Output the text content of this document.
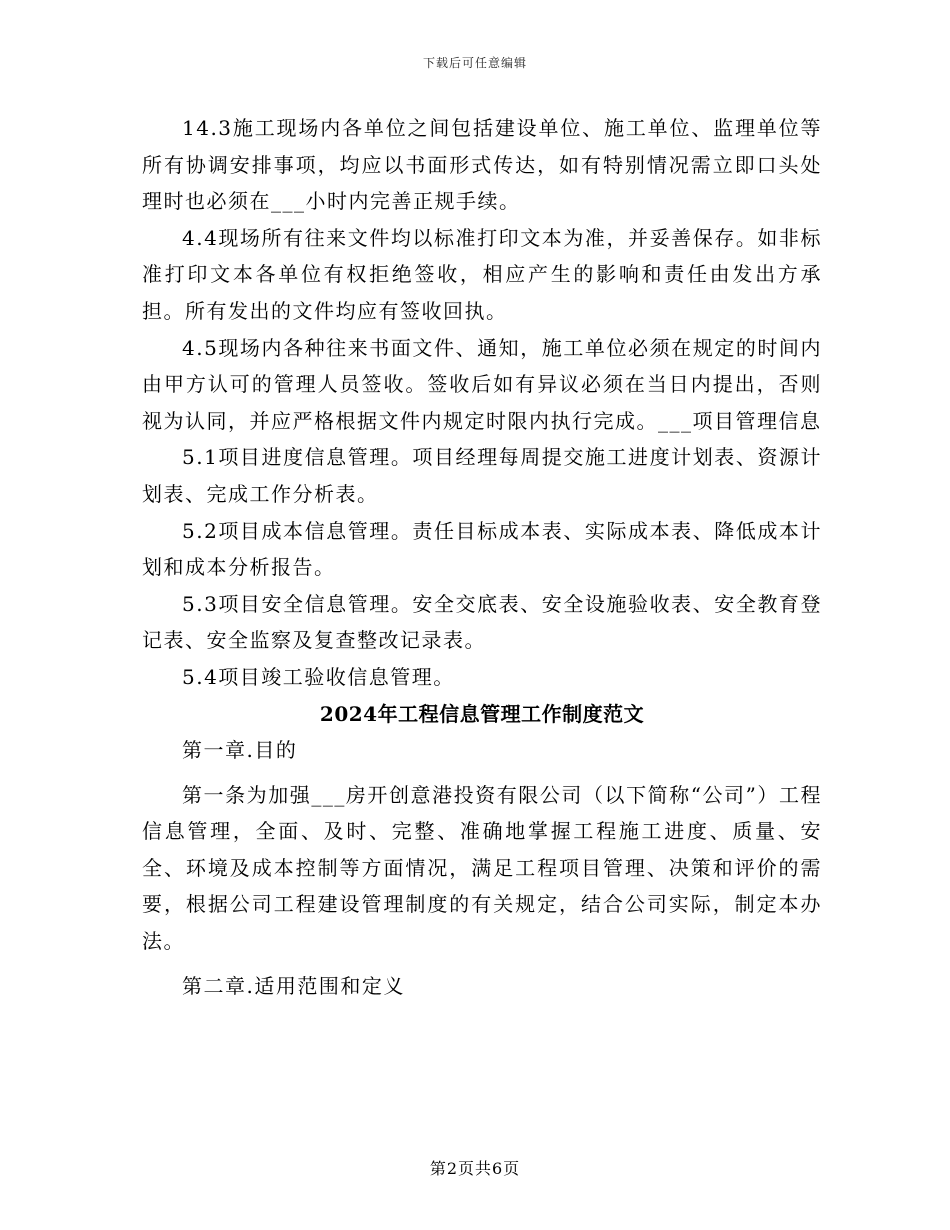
下载后可任意编辑

14.3施工现场内各单位之间包括建设单位、施工单位、监理单位等所有协调安排事项，均应以书面形式传达，如有特别情况需立即口头处理时也必须在___小时内完善正规手续。

4.4现场所有往来文件均以标准打印文本为准，并妥善保存。如非标准打印文本各单位有权拒绝签收，相应产生的影响和责任由发出方承担。所有发出的文件均应有签收回执。

4.5现场内各种往来书面文件、通知，施工单位必须在规定的时间内由甲方认可的管理人员签收。签收后如有异议必须在当日内提出，否则视为认同，并应严格根据文件内规定时限内执行完成。___项目管理信息

5.1项目进度信息管理。项目经理每周提交施工进度计划表、资源计划表、完成工作分析表。

5.2项目成本信息管理。责任目标成本表、实际成本表、降低成本计划和成本分析报告。

5.3项目安全信息管理。安全交底表、安全设施验收表、安全教育登记表、安全监察及复查整改记录表。

5.4项目竣工验收信息管理。

2024年工程信息管理工作制度范文

第一章.目的

第一条为加强___房开创意港投资有限公司（以下简称“公司”）工程信息管理，全面、及时、完整、准确地掌握工程施工进度、质量、安全、环境及成本控制等方面情况，满足工程项目管理、决策和评价的需要，根据公司工程建设管理制度的有关规定，结合公司实际，制定本办法。

第二章.适用范围和定义

第2页共6页
